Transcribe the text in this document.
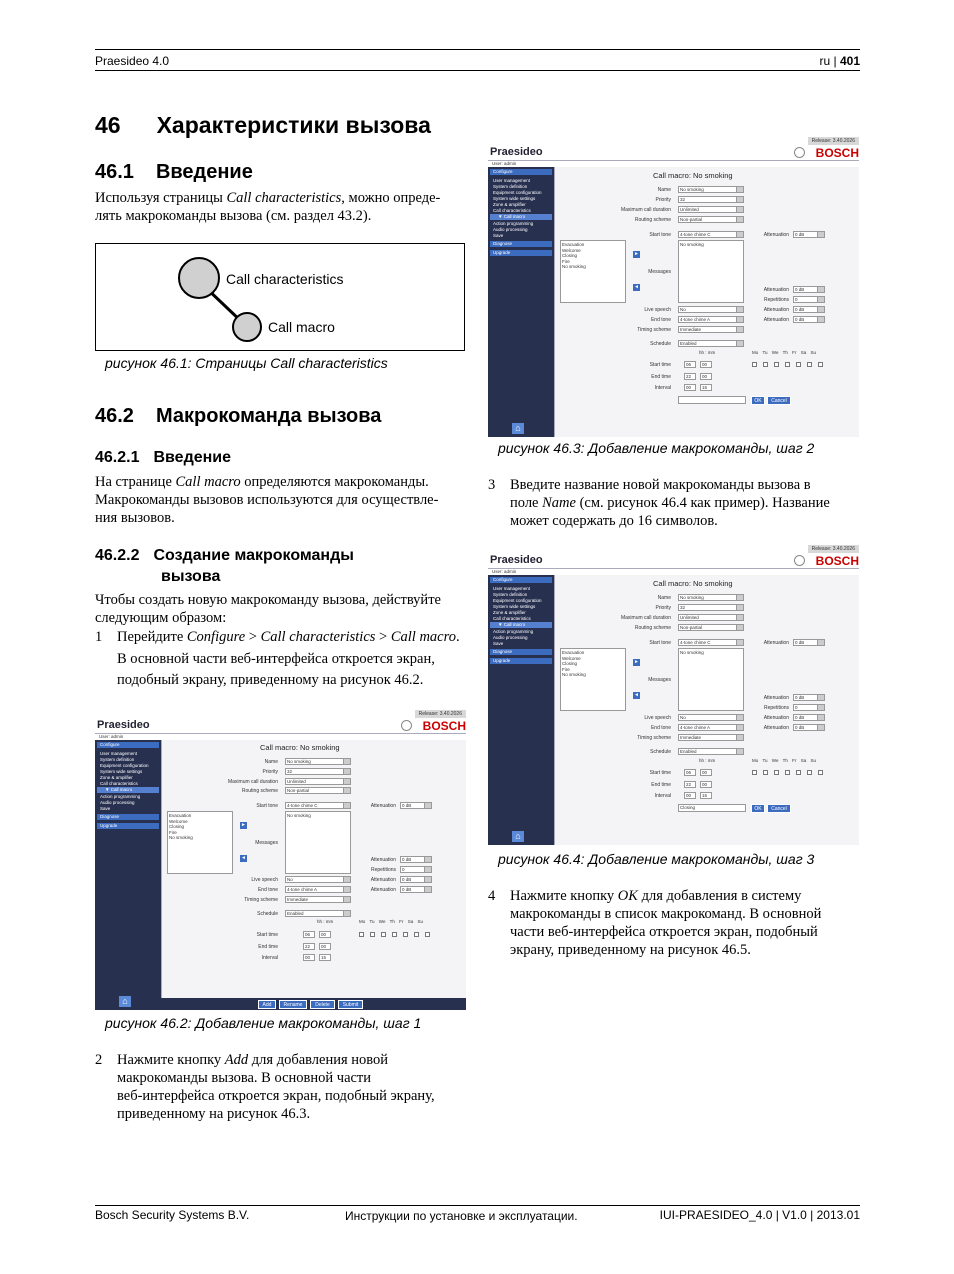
Praesideo 4.0	ru | 401
46 Характеристики вызова
46.1 Введение
Используя страницы Call characteristics, можно опреде-
лять макрокоманды вызова (см. раздел 43.2).
Call characteristics
Call macro
рисунок 46.1: Страницы Call characteristics
46.2 Макрокоманда вызова
46.2.1 Введение
На странице Call macro определяются макрокоманды.
Макрокоманды вызовов используются для осуществле-
ния вызовов.
46.2.2 Создание макрокоманды
вызова
Чтобы создать новую макрокоманду вызова, действуйте
следующим образом:
1 Перейдите Configure > Call characteristics > Call macro.
В основной части веб-интерфейса откроется экран,
подобный экрану, приведенному на рисунок 46.2.
Release: 3.40.2026
Praesideo	BOSCH
User: admin
Configure
User management
System definition
Equipment configuration
System wide settings
Zone & amplifier
Call characteristics
▼ Call macro
Action programming
Audio processing
Save
Diagnose
Upgrade
⌂
Call macro: No smoking
Name	No smoking
Priority	32
Maximum call duration	Unlimited
Routing scheme	Non-partial
Start tone	4-tone chime C	Attenuation	0 dB
Evacuation
Welcome
Closing
Fire
No smoking
►
◄
Messages
No smoking
Attenuation	0 dB
Repetitions	0
Live speech	No	Attenuation	0 dB
End tone	4-tone chime A	Attenuation	0 dB
Timing scheme	Immediate
Schedule	Enabled
hh : mm	Mo Tu We Th Fr Sa Su
Start time	06	00
End time	22	00
Interval	00	15
Add	Rename	Delete	Submit
рисунок 46.2: Добавление макрокоманды, шаг 1
2 Нажмите кнопку Add для добавления новой
макрокоманды вызова. В основной части
веб-интерфейса откроется экран, подобный экрану,
приведенному на рисунок 46.3.
Release: 3.40.2026
Praesideo	BOSCH
User: admin
Configure
User management
System definition
Equipment configuration
System wide settings
Zone & amplifier
Call characteristics
▼ Call macro
Action programming
Audio processing
Save
Diagnose
Upgrade
⌂
Call macro: No smoking
Name	No smoking
Priority	32
Maximum call duration	Unlimited
Routing scheme	Non-partial
Start tone	4-tone chime C	Attenuation	0 dB
Evacuation
Welcome
Closing
Fire
No smoking
►
◄
Messages
No smoking
Attenuation	0 dB
Repetitions	0
Live speech	No	Attenuation	0 dB
End tone	4-tone chime A	Attenuation	0 dB
Timing scheme	Immediate
Schedule	Enabled
hh : mm	Mo Tu We Th Fr Sa Su
Start time	06	00
End time	22	00
Interval	00	15
OK	Cancel
рисунок 46.3: Добавление макрокоманды, шаг 2
3 Введите название новой макрокоманды вызова в
поле Name (см. рисунок 46.4 как пример). Название
может содержать до 16 символов.
Release: 3.40.2026
Praesideo	BOSCH
User: admin
Configure
User management
System definition
Equipment configuration
System wide settings
Zone & amplifier
Call characteristics
▼ Call macro
Action programming
Audio processing
Save
Diagnose
Upgrade
⌂
Call macro: No smoking
Name	No smoking
Priority	32
Maximum call duration	Unlimited
Routing scheme	Non-partial
Start tone	4-tone chime C	Attenuation	0 dB
Evacuation
Welcome
Closing
Fire
No smoking
►
◄
Messages
No smoking
Attenuation	0 dB
Repetitions	0
Live speech	No	Attenuation	0 dB
End tone	4-tone chime A	Attenuation	0 dB
Timing scheme	Immediate
Schedule	Enabled
hh : mm	Mo Tu We Th Fr Sa Su
Start time	06	00
End time	22	00
Interval	00	15
Closing	OK	Cancel
рисунок 46.4: Добавление макрокоманды, шаг 3
4 Нажмите кнопку OK для добавления в систему
макрокоманды в список макрокоманд. В основной
части веб-интерфейса откроется экран, подобный
экрану, приведенному на рисунок 46.5.
Bosch Security Systems B.V.	Инструкции по установке и эксплуатации.	IUI-PRAESIDEO_4.0 | V1.0 | 2013.01
